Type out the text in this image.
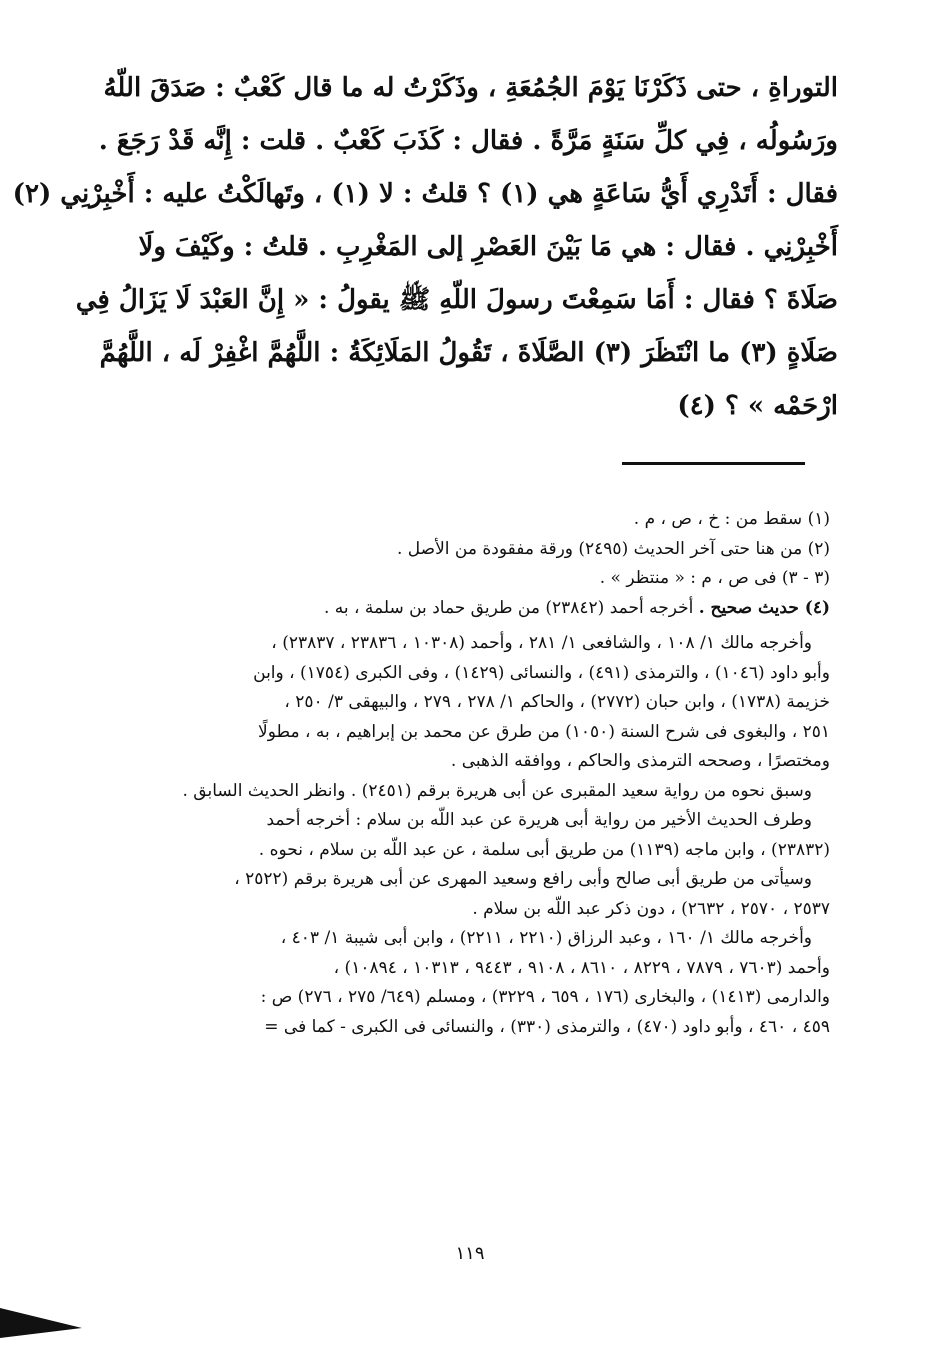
التوراةِ ، حتى ذَكَرْنَا يَوْمَ الجُمُعَةِ ، وذَكَرْتُ له ما قال كَعْبٌ : صَدَقَ اللّهُ
ورَسُولُه ، فِي كلِّ سَنَةٍ مَرَّةً . فقال : كَذَبَ كَعْبٌ . قلت : إِنَّه قَدْ رَجَعَ .
فقال : أَتَدْرِي أَيُّ سَاعَةٍ هي (١) ؟ قلتُ : لا (١) ، وتَهالَكْتُ عليه : أَخْبِرْنِي (٢)
أَخْبِرْنِي . فقال : هي مَا بَيْنَ العَصْرِ إلى المَغْرِبِ . قلتُ : وكَيْفَ ولَا
صَلَاةَ ؟ فقال : أَمَا سَمِعْتَ رسولَ اللّهِ ﷺ يقولُ : « إِنَّ العَبْدَ لَا يَزَالُ فِي
صَلَاةٍ (٣) ما انْتَظَرَ (٣) الصَّلَاةَ ، تَقُولُ المَلَائِكَةُ : اللَّهُمَّ اغْفِرْ لَه ، اللَّهُمَّ
ارْحَمْه » ؟ (٤)
(١) سقط من : خ ، ص ، م .
(٢) من هنا حتى آخر الحديث (٢٤٩٥) ورقة مفقودة من الأصل .
(٣ - ٣) فى ص ، م : « منتظر » .
(٤) حديث صحيح . أخرجه أحمد (٢٣٨٤٢) من طريق حماد بن سلمة ، به .
وأخرجه مالك ١/ ١٠٨ ، والشافعى ١/ ٢٨١ ، وأحمد (١٠٣٠٨ ، ٢٣٨٣٦ ، ٢٣٨٣٧) ،
وأبو داود (١٠٤٦) ، والترمذى (٤٩١) ، والنسائى (١٤٢٩) ، وفى الكبرى (١٧٥٤) ، وابن
خزيمة (١٧٣٨) ، وابن حبان (٢٧٧٢) ، والحاكم ١/ ٢٧٨ ، ٢٧٩ ، والبيهقى ٣/ ٢٥٠ ،
٢٥١ ، والبغوى فى شرح السنة (١٠٥٠) من طرق عن محمد بن إبراهيم ، به ، مطولًا
ومختصرًا ، وصححه الترمذى والحاكم ، ووافقه الذهبى .
وسبق نحوه من رواية سعيد المقبرى عن أبى هريرة برقم (٢٤٥١) . وانظر الحديث السابق .
وطرف الحديث الأخير من رواية أبى هريرة عن عبد اللّه بن سلام : أخرجه أحمد
(٢٣٨٣٢) ، وابن ماجه (١١٣٩) من طريق أبى سلمة ، عن عبد اللّه بن سلام ، نحوه .
وسيأتى من طريق أبى صالح وأبى رافع وسعيد المهرى عن أبى هريرة برقم (٢٥٢٢ ،
٢٥٣٧ ، ٢٥٧٠ ، ٢٦٣٢) ، دون ذكر عبد اللّه بن سلام .
وأخرجه مالك ١/ ١٦٠ ، وعبد الرزاق (٢٢١٠ ، ٢٢١١) ، وابن أبى شيبة ١/ ٤٠٣ ،
وأحمد (٧٦٠٣ ، ٧٨٧٩ ، ٨٢٢٩ ، ٨٦١٠ ، ٩١٠٨ ، ٩٤٤٣ ، ١٠٣١٣ ، ١٠٨٩٤) ،
والدارمى (١٤١٣) ، والبخارى (١٧٦ ، ٦٥٩ ، ٣٢٢٩) ، ومسلم (٦٤٩/ ٢٧٥ ، ٢٧٦) ص :
٤٥٩ ، ٤٦٠ ، وأبو داود (٤٧٠) ، والترمذى (٣٣٠) ، والنسائى فى الكبرى - كما فى =
١١٩
